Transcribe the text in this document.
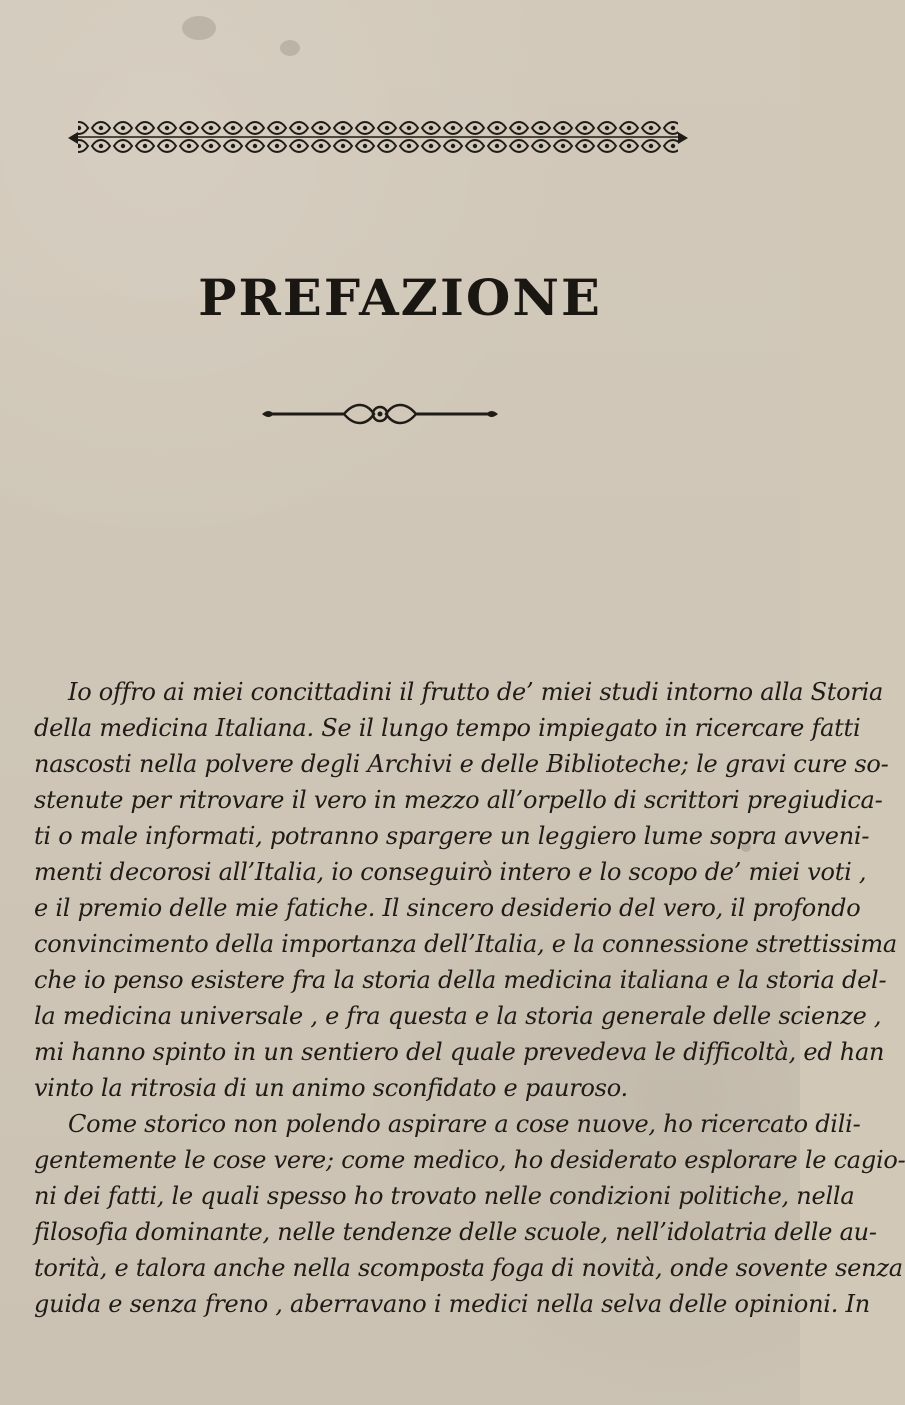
PREFAZIONE
Io offro ai miei concittadini il frutto de’ miei studi intorno alla Storia
della medicina Italiana. Se il lungo tempo impiegato in ricercare fatti
nascosti nella polvere degli Archivi e delle Biblioteche; le gravi cure so-
stenute per ritrovare il vero in mezzo all’orpello di scrittori pregiudica-
ti o male informati, potranno spargere un leggiero lume sopra avveni-
menti decorosi all’Italia, io conseguirò intero e lo scopo de’ miei voti ,
e il premio delle mie fatiche. Il sincero desiderio del vero, il profondo
convincimento della importanza dell’Italia, e la connessione strettissima
che io penso esistere fra la storia della medicina italiana e la storia del-
la medicina universale , e fra questa e la storia generale delle scienze ,
mi hanno spinto in un sentiero del quale prevedeva le difficoltà, ed han
vinto la ritrosia di un animo sconfidato e pauroso.
Come storico non polendo aspirare a cose nuove, ho ricercato dili-
gentemente le cose vere; come medico, ho desiderato esplorare le cagio-
ni dei fatti, le quali spesso ho trovato nelle condizioni politiche, nella
filosofia dominante, nelle tendenze delle scuole, nell’idolatria delle au-
torità, e talora anche nella scomposta foga di novità, onde sovente senza
guida e senza freno , aberravano i medici nella selva delle opinioni. In
